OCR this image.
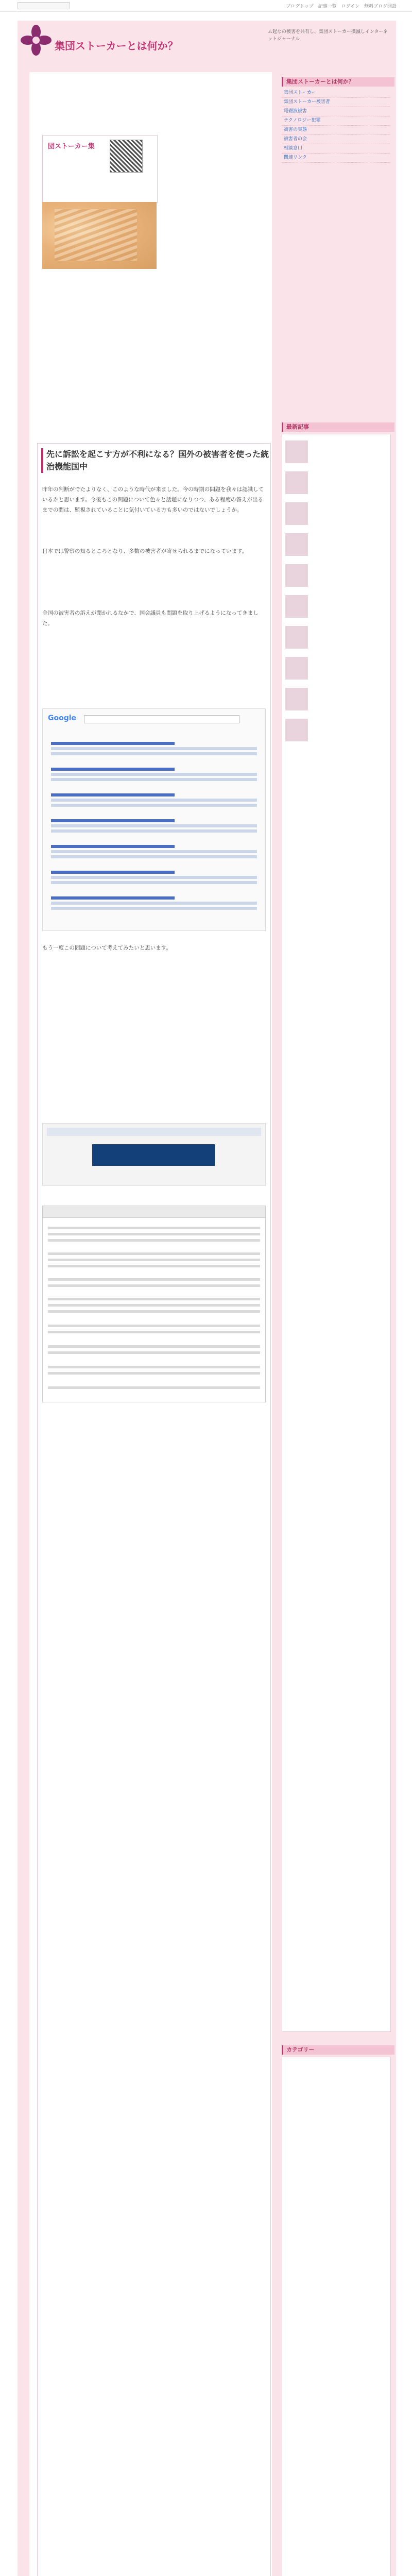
ブログトップ 記事一覧 ログイン 無料ブログ開設
集団ストーカーとは何か？
ム起なの被害を共有し、集団ストーカー撲滅しインターネットジャーナル
団ストーカー集
先に訴訟を起こす方が不利になる？国外の被害者を使った統治機能国中
昨年の判断がでたよりなく、このような時代が来ました。今の時期の問題を我々は認識しているかと思います。今後もこの問題について色々と話題になりつつ、ある程度の答えが出るまでの間は、監視されていることに気付いている方も多いのではないでしょうか。
日本では警察の知るところとなり、多数の被害者が寄せられるまでになっています。
全国の被害者の訴えが聞かれるなかで、国会議員も問題を取り上げるようになってきました。
Google
もう一度この問題について考えてみたいと思います。
集団ストーカーとは何か？
集団ストーカー
集団ストーカー被害者
電磁波被害
テクノロジー犯罪
被害の実態
被害者の会
相談窓口
関連リンク
最新記事
カテゴリー
